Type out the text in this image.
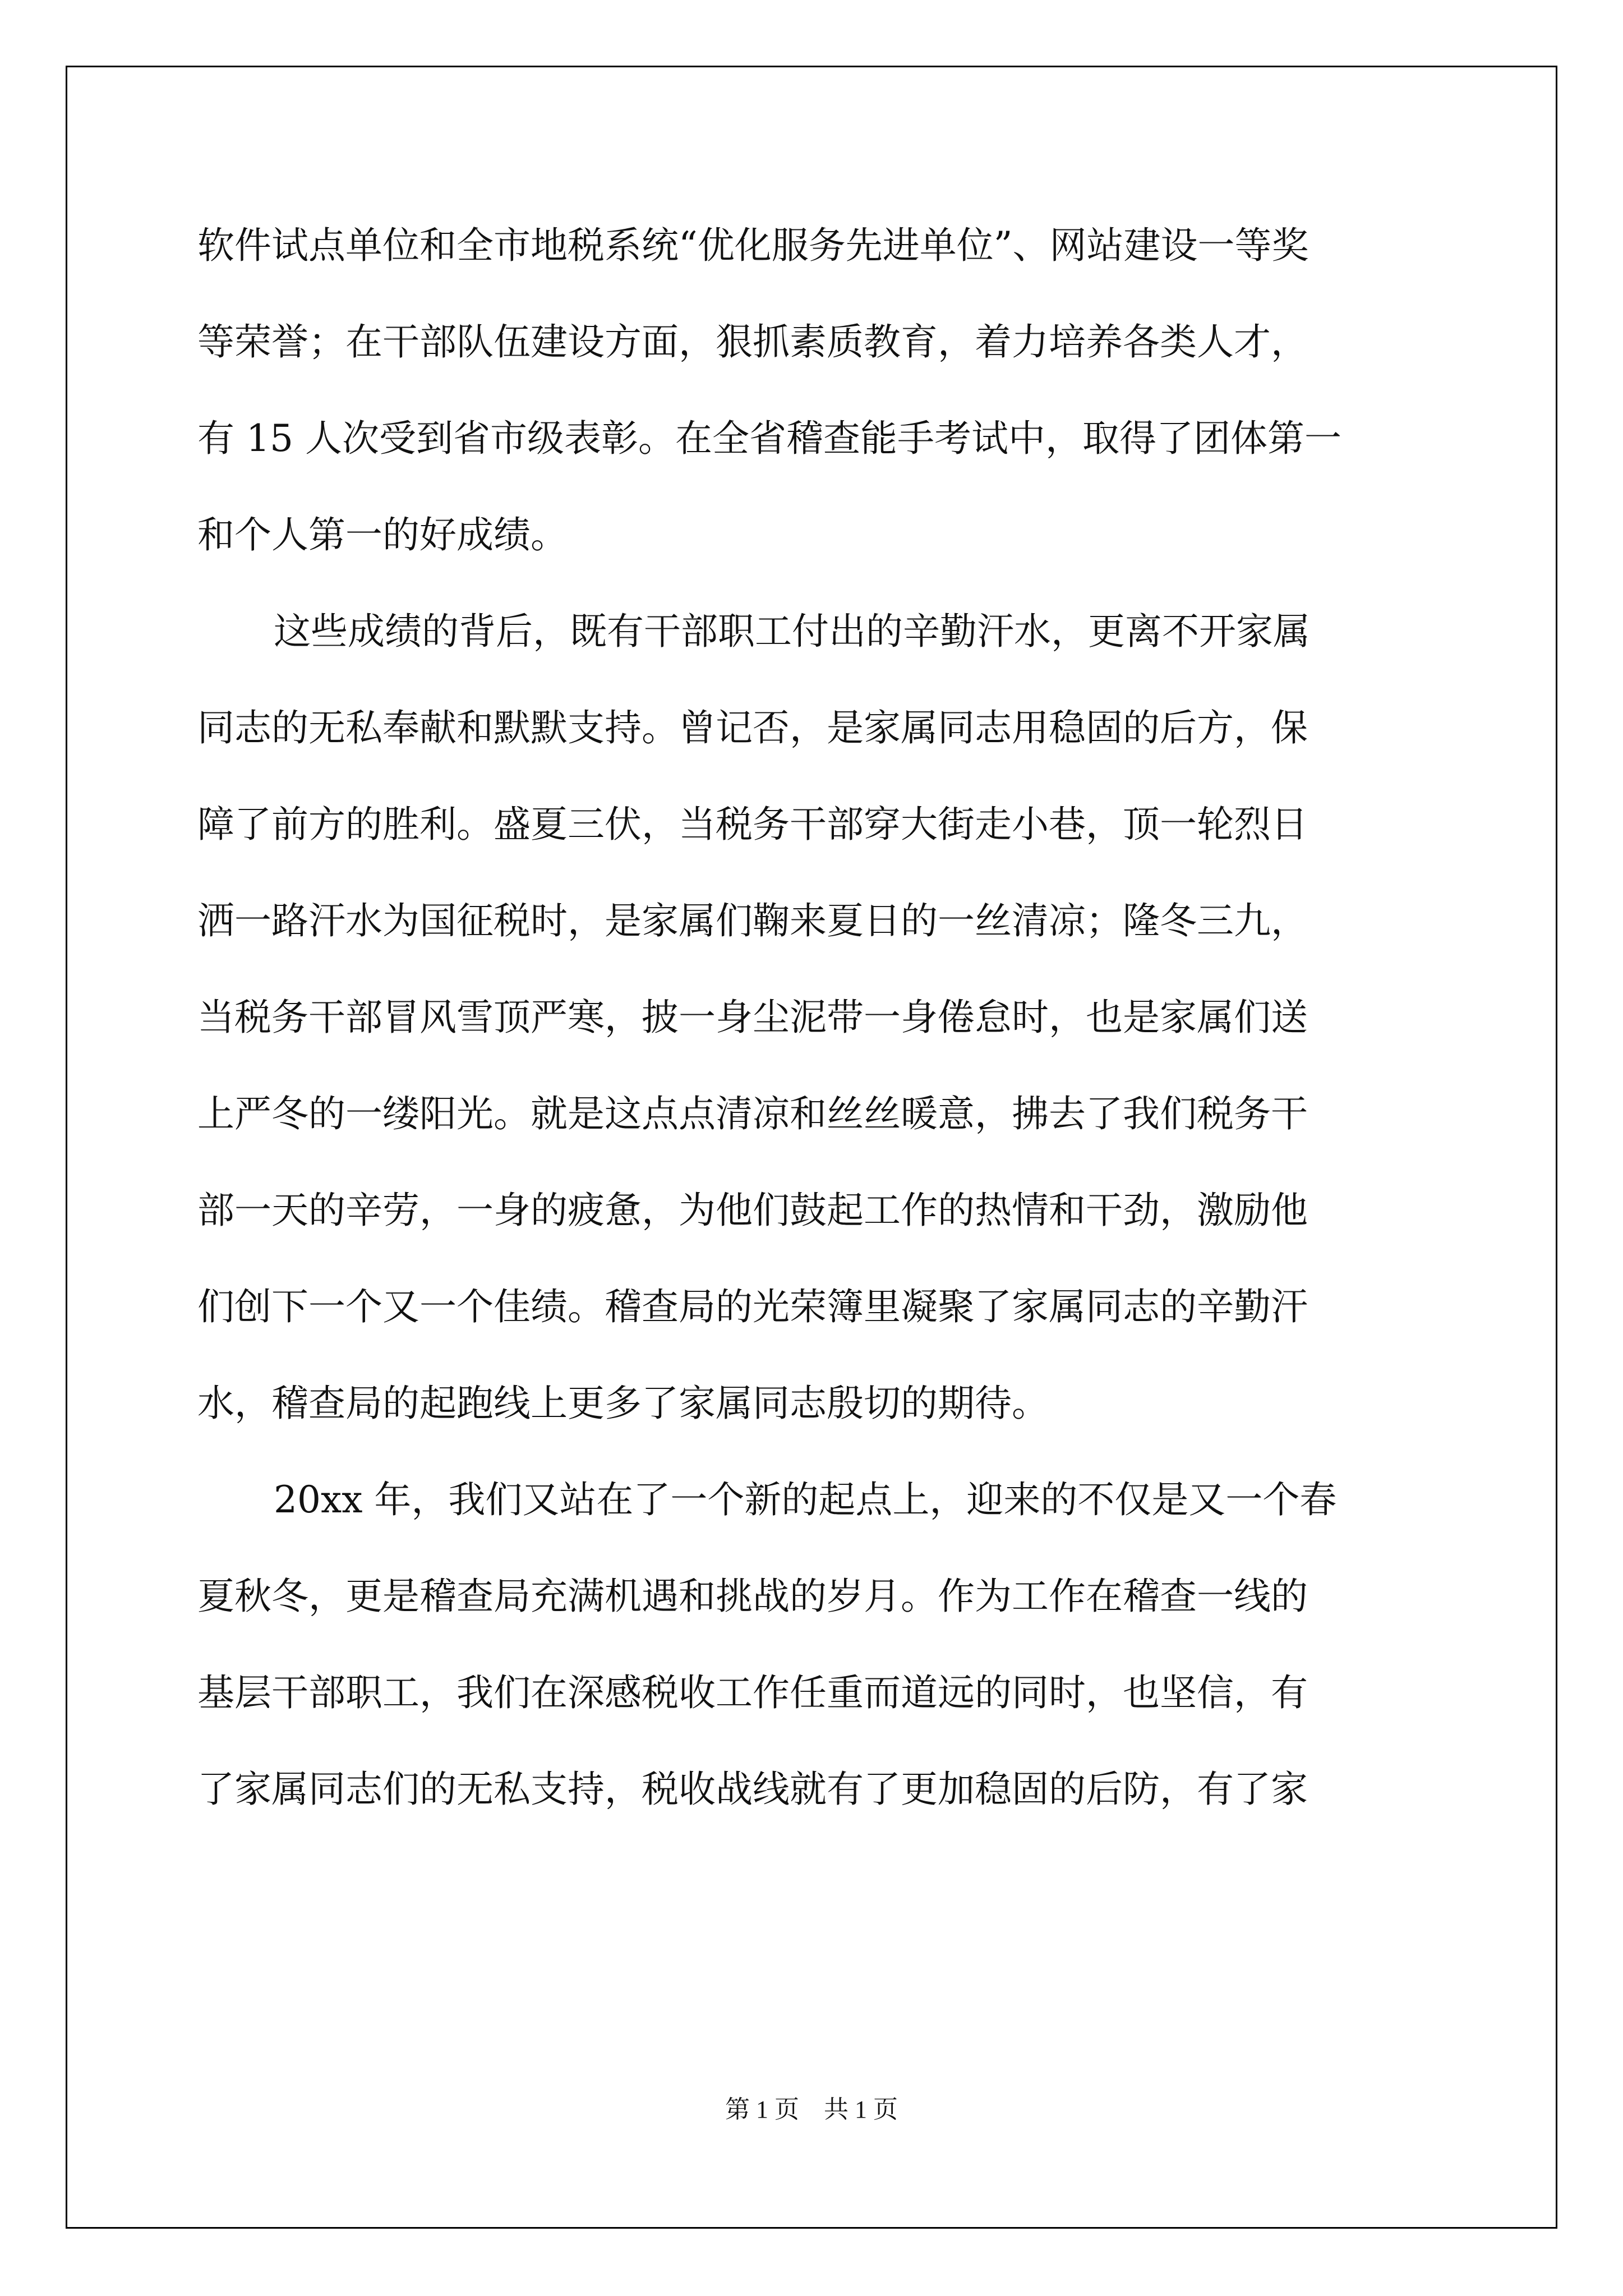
软件试点单位和全市地税系统“优化服务先进单位”、网站建设一等奖
等荣誉；在干部队伍建设方面，狠抓素质教育，着力培养各类人才，
有 15 人次受到省市级表彰。在全省稽查能手考试中，取得了团体第一
和个人第一的好成绩。
这些成绩的背后，既有干部职工付出的辛勤汗水，更离不开家属
同志的无私奉献和默默支持。曾记否，是家属同志用稳固的后方，保
障了前方的胜利。盛夏三伏，当税务干部穿大街走小巷，顶一轮烈日
洒一路汗水为国征税时，是家属们鞠来夏日的一丝清凉；隆冬三九，
当税务干部冒风雪顶严寒，披一身尘泥带一身倦怠时，也是家属们送
上严冬的一缕阳光。就是这点点清凉和丝丝暖意，拂去了我们税务干
部一天的辛劳，一身的疲惫，为他们鼓起工作的热情和干劲，激励他
们创下一个又一个佳绩。稽查局的光荣簿里凝聚了家属同志的辛勤汗
水，稽查局的起跑线上更多了家属同志殷切的期待。
20xx 年，我们又站在了一个新的起点上，迎来的不仅是又一个春
夏秋冬，更是稽查局充满机遇和挑战的岁月。作为工作在稽查一线的
基层干部职工，我们在深感税收工作任重而道远的同时，也坚信，有
了家属同志们的无私支持，税收战线就有了更加稳固的后防，有了家
第 1 页　共 1 页
